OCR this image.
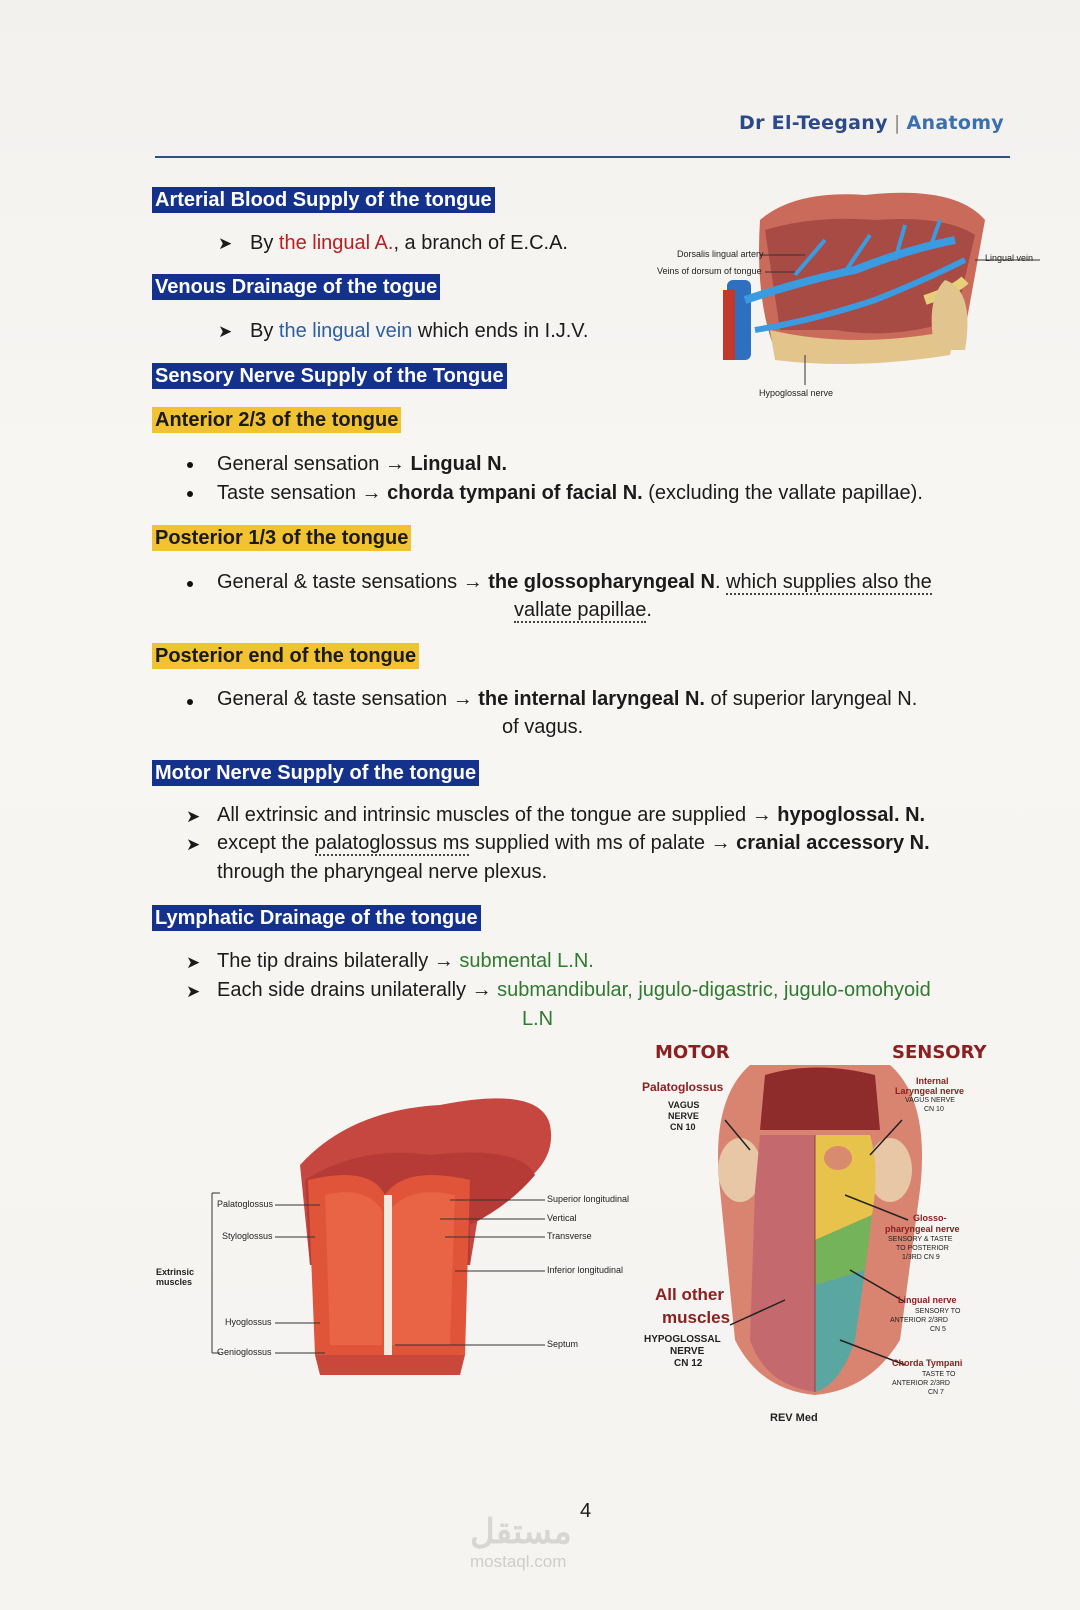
Dr El-Teegany | Anatomy
Arterial Blood Supply of the tongue
➤ By the lingual A., a branch of E.C.A.
Venous Drainage of the togue
➤ By the lingual vein which ends in I.J.V.
Dorsalis lingual artery
Veins of dorsum of tongue
Lingual vein
Hypoglossal nerve
Sensory Nerve Supply of the Tongue
Anterior 2/3 of the tongue
General sensation → Lingual N.
Taste sensation → chorda tympani of facial N. (excluding the vallate papillae).
Posterior 1/3 of the tongue
General & taste sensations → the glossopharyngeal N. which supplies also the
vallate papillae.
Posterior end of the tongue
General & taste sensation → the internal laryngeal N. of superior laryngeal N.
of vagus.
Motor Nerve Supply of the tongue
➤ All extrinsic and intrinsic muscles of the tongue are supplied → hypoglossal. N.
➤ except the palatoglossus ms supplied with ms of palate → cranial accessory N.
through the pharyngeal nerve plexus.
Lymphatic Drainage of the tongue
➤ The tip drains bilaterally → submental L.N.
➤ Each side drains unilaterally → submandibular, jugulo-digastric, jugulo-omohyoid
L.N
Extrinsic muscles
Palatoglossus
Styloglossus
Hyoglossus
Genioglossus
Superior longitudinal
Vertical
Transverse
Inferior longitudinal
Septum
MOTOR	SENSORY
Palatoglossus
VAGUS
NERVE
CN 10
All other
muscles
HYPOGLOSSAL
NERVE
CN 12
Internal
Laryngeal nerve
VAGUS NERVE
CN 10
Glosso-
pharyngeal nerve
SENSORY & TASTE
TO POSTERIOR
1/3RD CN 9
Lingual nerve
SENSORY TO
ANTERIOR 2/3RD
CN 5
Chorda Tympani
TASTE TO
ANTERIOR 2/3RD
CN 7
REV Med
4
مستقل
mostaql.com
